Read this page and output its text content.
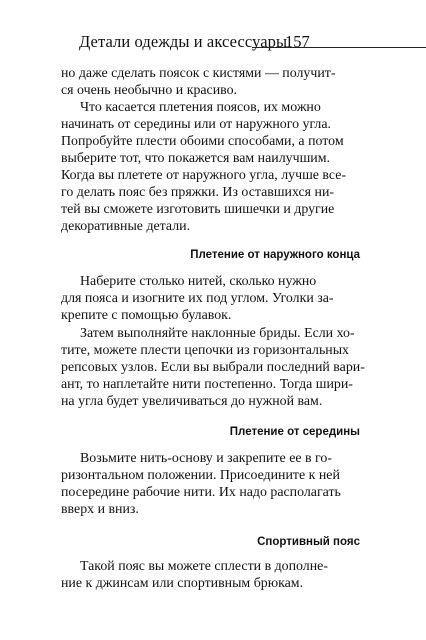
Детали одежды и аксессуары
157
но даже сделать поясок с кистями — получит-
ся очень необычно и красиво.
Что касается плетения поясов, их можно
начинать от середины или от наружного угла.
Попробуйте плести обоими способами, а потом
выберите тот, что покажется вам наилучшим.
Когда вы плетете от наружного угла, лучше все-
го делать пояс без пряжки. Из оставшихся ни-
тей вы сможете изготовить шишечки и другие
декоративные детали.
Плетение от наружного конца
Наберите столько нитей, сколько нужно
для пояса и изогните их под углом. Уголки за-
крепите с помощью булавок.
Затем выполняйте наклонные бриды. Если хо-
тите, можете плести цепочки из горизонтальных
репсовых узлов. Если вы выбрали последний вари-
ант, то наплетайте нити постепенно. Тогда шири-
на угла будет увеличиваться до нужной вам.
Плетение от середины
Возьмите нить-основу и закрепите ее в го-
ризонтальном положении. Присоедините к ней
посередине рабочие нити. Их надо располагать
вверх и вниз.
Спортивный пояс
Такой пояс вы можете сплести в дополне-
ние к джинсам или спортивным брюкам.
